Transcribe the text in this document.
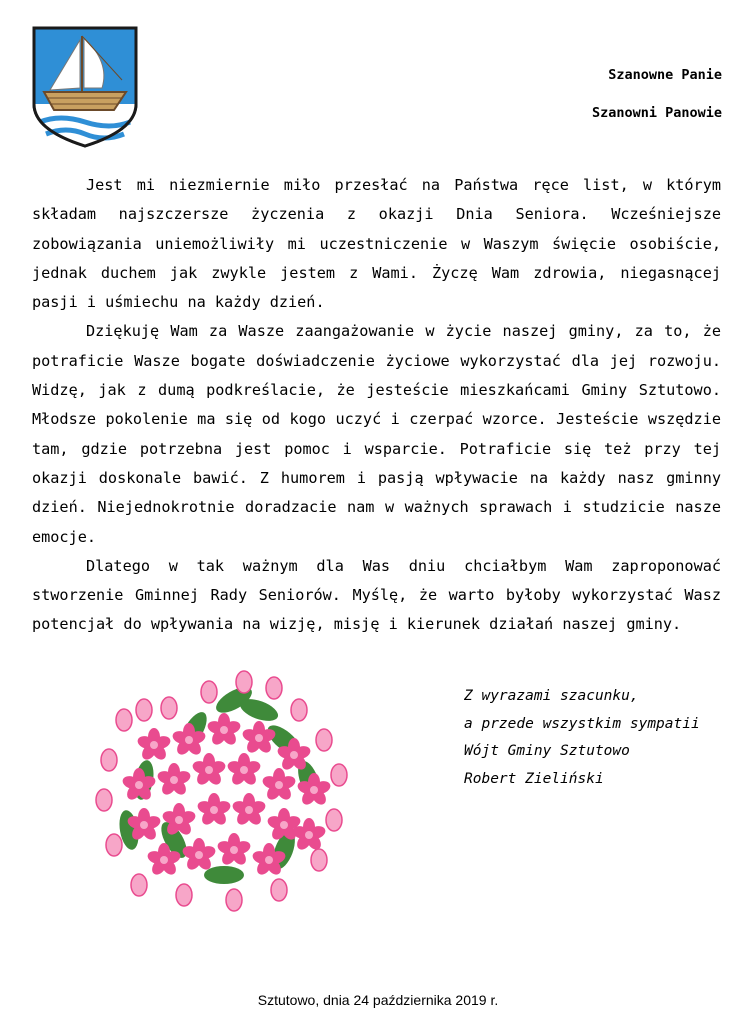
Szanowne Panie
Szanowni Panowie

Jest mi niezmiernie miło przesłać na Państwa ręce list, w którym składam najszczersze życzenia z okazji Dnia Seniora. Wcześniejsze zobowiązania uniemożliwiły mi uczestniczenie w Waszym święcie osobiście, jednak duchem jak zwykle jestem z Wami. Życzę Wam zdrowia, niegasnącej pasji i uśmiechu na każdy dzień.

Dziękuję Wam za Wasze zaangażowanie w życie naszej gminy, za to, że potraficie Wasze bogate doświadczenie życiowe wykorzystać dla jej rozwoju. Widzę, jak z dumą podkreślacie, że jesteście mieszkańcami Gminy Sztutowo. Młodsze pokolenie ma się od kogo uczyć i czerpać wzorce. Jesteście wszędzie tam, gdzie potrzebna jest pomoc i wsparcie. Potraficie się też przy tej okazji doskonale bawić. Z humorem i pasją wpływacie na każdy nasz gminny dzień. Niejednokrotnie doradzacie nam w ważnych sprawach i studzicie nasze emocje.

Dlatego w tak ważnym dla Was dniu chciałbym Wam zaproponować stworzenie Gminnej Rady Seniorów. Myślę, że warto byłoby wykorzystać Wasz potencjał do wpływania na wizję, misję i kierunek działań naszej gminy.

Z wyrazami szacunku,
a przede wszystkim sympatii
Wójt Gminy Sztutowo
Robert Zieliński
Sztutowo, dnia 24 października 2019 r.
